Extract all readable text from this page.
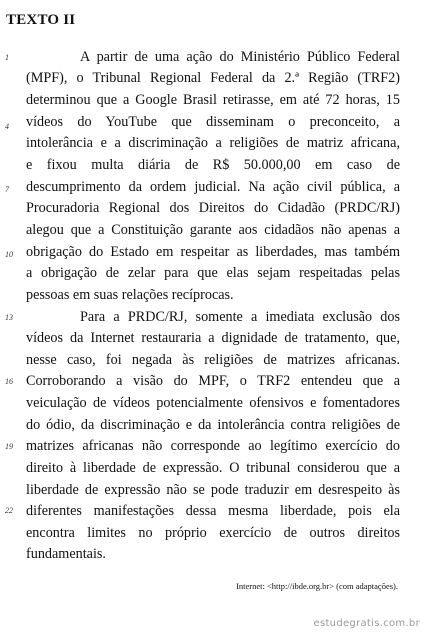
TEXTO II
1
4
7
10
13
16
19
22
A partir de uma ação do Ministério Público Federal
(MPF), o Tribunal Regional Federal da 2.ª Região (TRF2)
determinou que a Google Brasil retirasse, em até 72 horas, 15
vídeos do YouTube que disseminam o preconceito, a
intolerância e a discriminação a religiões de matriz africana,
e fixou multa diária de R$ 50.000,00 em caso de
descumprimento da ordem judicial. Na ação civil pública, a
Procuradoria Regional dos Direitos do Cidadão (PRDC/RJ)
alegou que a Constituição garante aos cidadãos não apenas a
obrigação do Estado em respeitar as liberdades, mas também
a obrigação de zelar para que elas sejam respeitadas pelas
pessoas em suas relações recíprocas.
Para a PRDC/RJ, somente a imediata exclusão dos
vídeos da Internet restauraria a dignidade de tratamento, que,
nesse caso, foi negada às religiões de matrizes africanas.
Corroborando a visão do MPF, o TRF2 entendeu que a
veiculação de vídeos potencialmente ofensivos e fomentadores
do ódio, da discriminação e da intolerância contra religiões de
matrizes africanas não corresponde ao legítimo exercício do
direito à liberdade de expressão. O tribunal considerou que a
liberdade de expressão não se pode traduzir em desrespeito às
diferentes manifestações dessa mesma liberdade, pois ela
encontra limites no próprio exercício de outros direitos
fundamentais.
Internet: <http://ibde.org.br> (com adaptações).
estudegratis.com.br
